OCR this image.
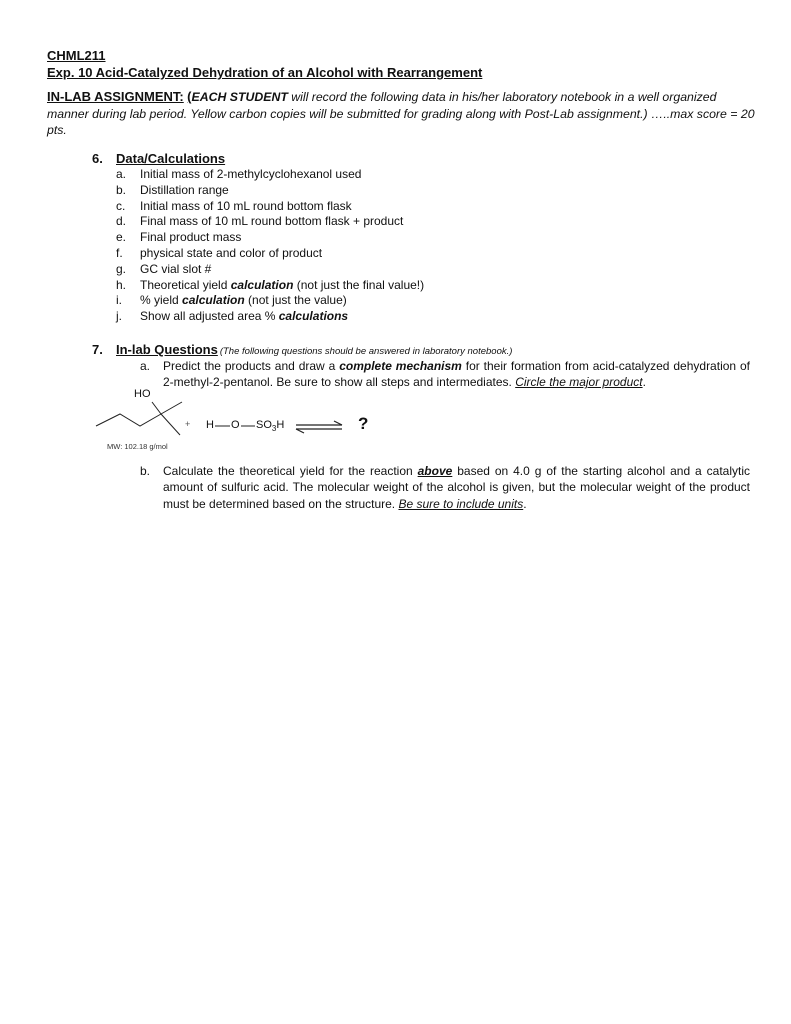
CHML211
Exp. 10 Acid-Catalyzed Dehydration of an Alcohol with Rearrangement
IN-LAB ASSIGNMENT: (EACH STUDENT will record the following data in his/her laboratory notebook in a well organized manner during lab period. Yellow carbon copies will be submitted for grading along with Post-Lab assignment.) …..max score = 20 pts.
6. Data/Calculations
a. Initial mass of 2-methylcyclohexanol used
b. Distillation range
c. Initial mass of 10 mL round bottom flask
d. Final mass of 10 mL round bottom flask + product
e. Final product mass
f. physical state and color of product
g. GC vial slot #
h. Theoretical yield calculation (not just the final value!)
i. % yield calculation (not just the value)
j. Show all adjusted area % calculations
7. In-lab Questions (The following questions should be answered in laboratory notebook.)
a. Predict the products and draw a complete mechanism for their formation from acid-catalyzed dehydration of 2-methyl-2-pentanol. Be sure to show all steps and intermediates. Circle the major product.
HO
+ H O $SO_3H$	?
MW: 102.18 g/mol
b. Calculate the theoretical yield for the reaction above based on 4.0 g of the starting alcohol and a catalytic amount of sulfuric acid. The molecular weight of the alcohol is given, but the molecular weight of the product must be determined based on the structure. Be sure to include units.
